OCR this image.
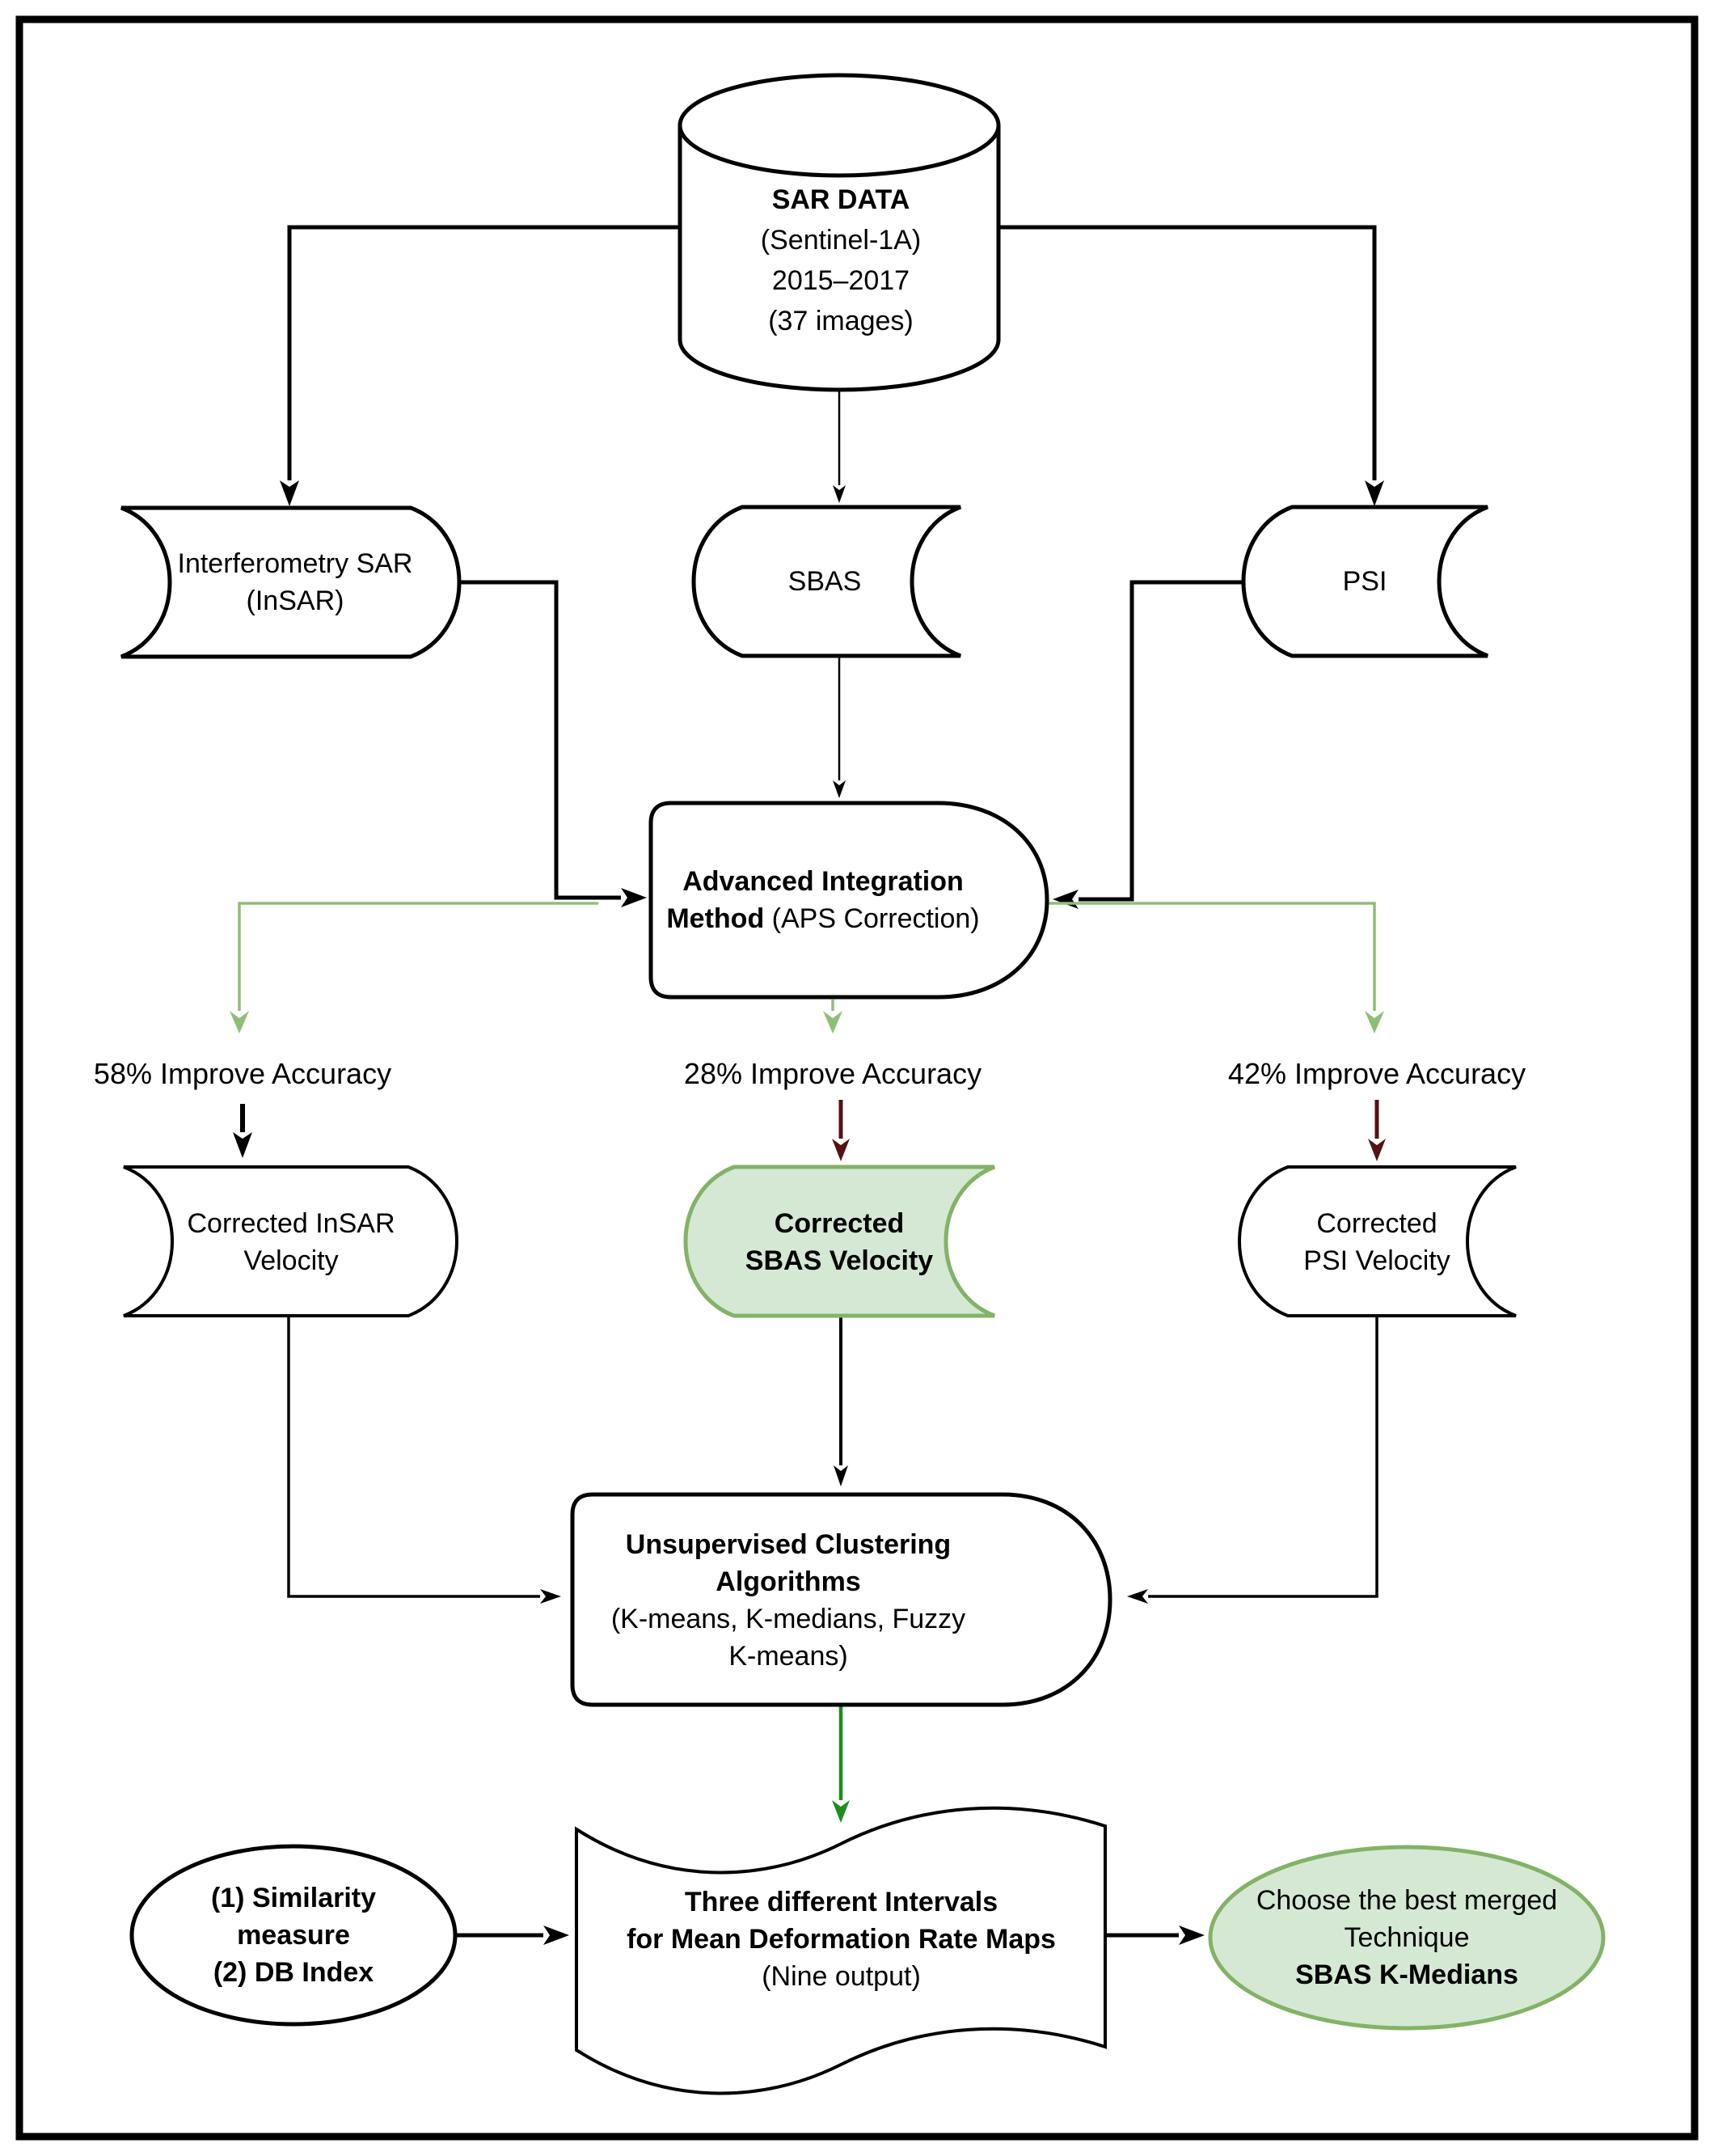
SAR DATA
(Sentinel-1A)
2015–2017
(37 images)
Interferometry SAR
(InSAR)
SBAS	PSI
Advanced Integration
Method (APS Correction)
58% Improve Accuracy	28% Improve Accuracy	42% Improve Accuracy
Corrected InSAR
Velocity
Corrected
SBAS Velocity
Corrected
PSI Velocity
Unsupervised Clustering
Algorithms
(K-means, K-medians, Fuzzy
K-means)
Three different Intervals
for Mean Deformation Rate Maps
(Nine output)
(1) Similarity
measure
(2) DB Index
Choose the best merged
Technique
SBAS K-Medians
